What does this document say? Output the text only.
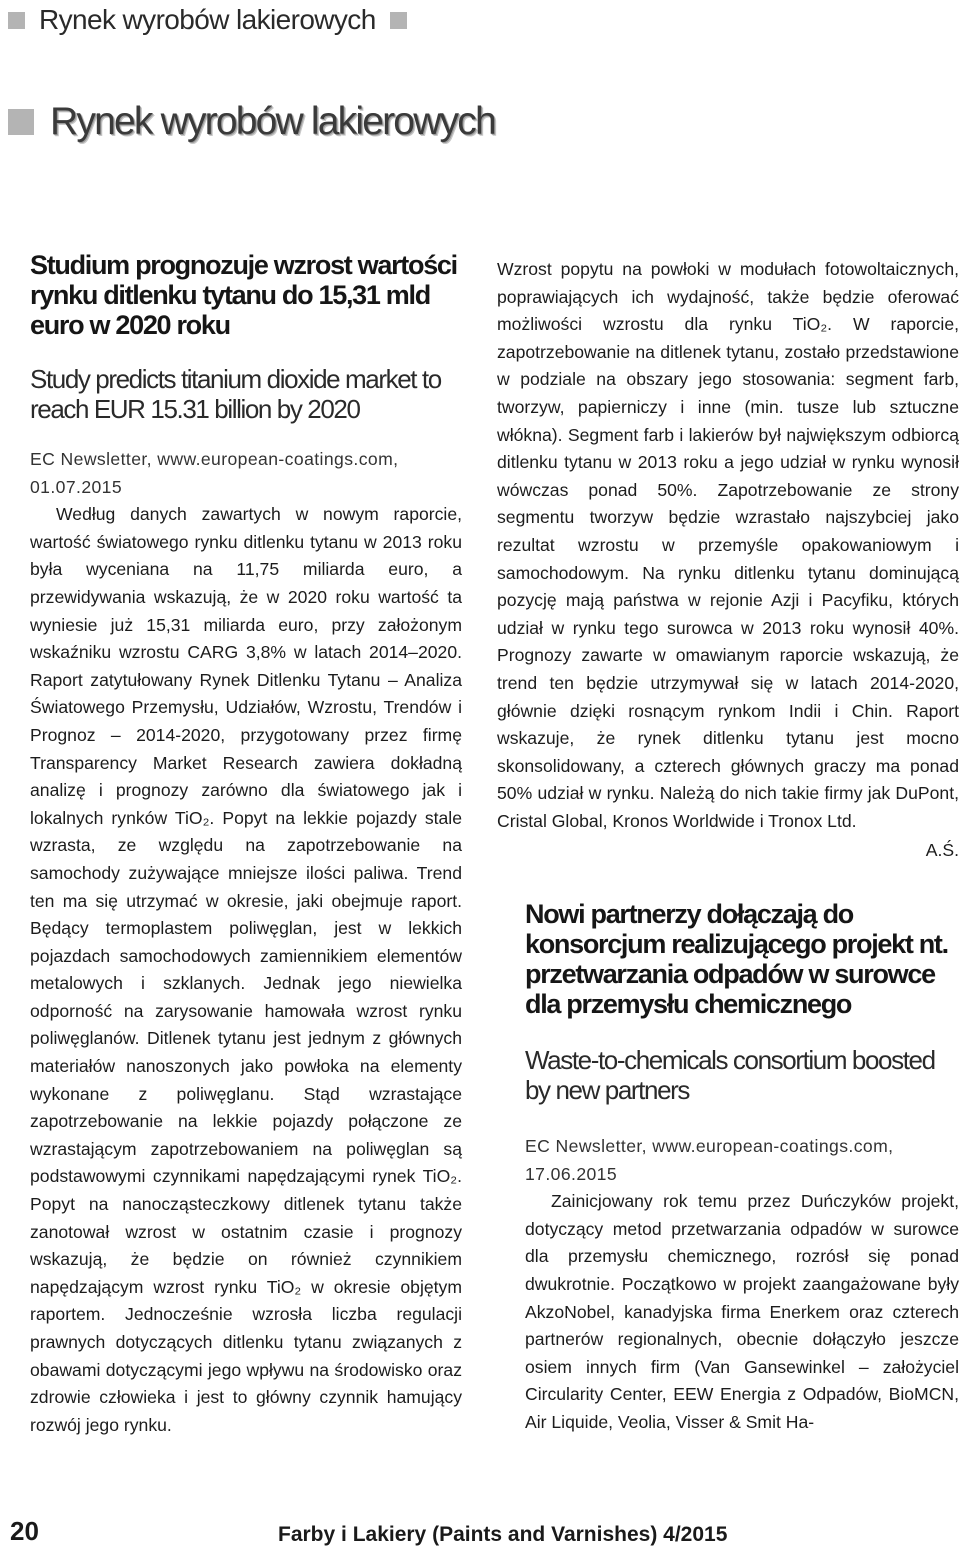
Rynek wyrobów lakierowych
Rynek wyrobów lakierowych
Studium prognozuje wzrost wartości rynku ditlenku tytanu do 15,31 mld euro w 2020 roku
Study predicts titanium dioxide market to reach EUR 15.31 billion by 2020

EC Newsletter, www.european-coatings.com, 01.07.2015

Według danych zawartych w nowym raporcie, wartość światowego rynku ditlenku tytanu w 2013 roku była wyceniana na 11,75 miliarda euro, a przewidywania wskazują, że w 2020 roku wartość ta wyniesie już 15,31 miliarda euro, przy założonym wskaźniku wzrostu CARG 3,8% w latach 2014–2020. Raport zatytułowany Rynek Ditlenku Tytanu – Analiza Światowego Przemysłu, Udziałów, Wzrostu, Trendów i Prognoz – 2014-2020, przygotowany przez firmę Transparency Market Research zawiera dokładną analizę i prognozy zarówno dla światowego jak i lokalnych rynków TiO₂. Popyt na lekkie pojazdy stale wzrasta, ze względu na zapotrzebowanie na samochody zużywające mniejsze ilości paliwa. Trend ten ma się utrzymać w okresie, jaki obejmuje raport. Będący termoplastem poliwęglan, jest w lekkich pojazdach samochodowych zamiennikiem elementów metalowych i szklanych. Jednak jego niewielka odporność na zarysowanie hamowała wzrost rynku poliwęglanów. Ditlenek tytanu jest jednym z głównych materiałów nanoszonych jako powłoka na elementy wykonane z poliwęglanu. Stąd wzrastające zapotrzebowanie na lekkie pojazdy połączone ze wzrastającym zapotrzebowaniem na poliwęglan są podstawowymi czynnikami napędzającymi rynek TiO₂. Popyt na nanocząsteczkowy ditlenek tytanu także zanotował wzrost w ostatnim czasie i prognozy wskazują, że będzie on również czynnikiem napędzającym wzrost rynku TiO₂ w okresie objętym raportem. Jednocześnie wzrosła liczba regulacji prawnych dotyczących ditlenku tytanu związanych z obawami dotyczącymi jego wpływu na środowisko oraz zdrowie człowieka i jest to główny czynnik hamujący rozwój jego rynku.

Wzrost popytu na powłoki w modułach fotowoltaicznych, poprawiających ich wydajność, także będzie oferować możliwości wzrostu dla rynku TiO₂. W raporcie, zapotrzebowanie na ditlenek tytanu, zostało przedstawione w podziale na obszary jego stosowania: segment farb, tworzyw, papierniczy i inne (min. tusze lub sztuczne włókna). Segment farb i lakierów był największym odbiorcą ditlenku tytanu w 2013 roku a jego udział w rynku wynosił wówczas ponad 50%. Zapotrzebowanie ze strony segmentu tworzyw będzie wzrastało najszybciej jako rezultat wzrostu w przemyśle opakowaniowym i samochodowym. Na rynku ditlenku tytanu dominującą pozycję mają państwa w rejonie Azji i Pacyfiku, których udział w rynku tego surowca w 2013 roku wynosił 40%. Prognozy zawarte w omawianym raporcie wskazują, że trend ten będzie utrzymywał się w latach 2014-2020, głównie dzięki rosnącym rynkom Indii i Chin. Raport wskazuje, że rynek ditlenku tytanu jest mocno skonsolidowany, a czterech głównych graczy ma ponad 50% udział w rynku. Należą do nich takie firmy jak DuPont, Cristal Global, Kronos Worldwide i Tronox Ltd.

A.Ś.

Nowi partnerzy dołączają do konsorcjum realizującego projekt nt. przetwarzania odpadów w surowce dla przemysłu chemicznego
Waste-to-chemicals consortium boosted by new partners

EC Newsletter, www.european-coatings.com, 17.06.2015

Zainicjowany rok temu przez Duńczyków projekt, dotyczący metod przetwarzania odpadów w surowce dla przemysłu chemicznego, rozrósł się ponad dwukrotnie. Początkowo w projekt zaangażowane były AkzoNobel, kanadyjska firma Enerkem oraz czterech partnerów regionalnych, obecnie dołączyło jeszcze osiem innych firm (Van Gansewinkel – założyciel Circularity Center, EEW Energia z Odpadów, BioMCN, Air Liquide, Veolia, Visser & Smit Ha-

20	Farby i Lakiery (Paints and Varnishes) 4/2015
